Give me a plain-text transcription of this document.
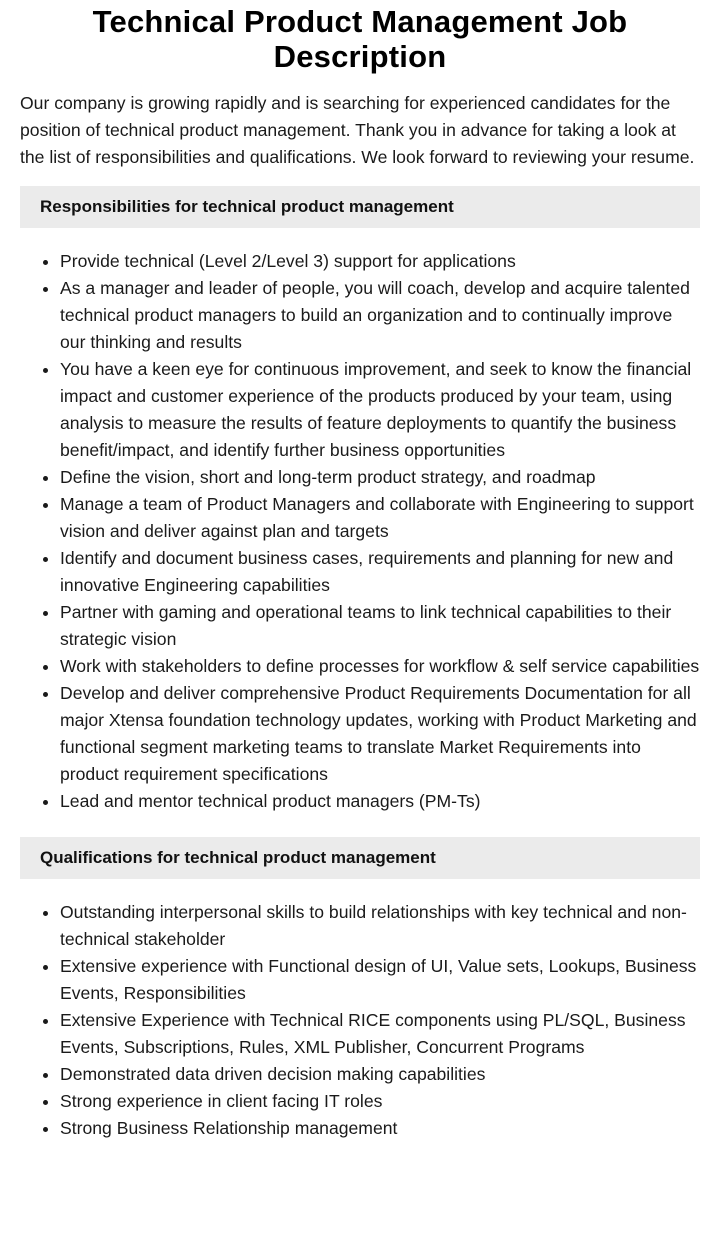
Technical Product Management Job Description

Our company is growing rapidly and is searching for experienced candidates for the position of technical product management. Thank you in advance for taking a look at the list of responsibilities and qualifications. We look forward to reviewing your resume.

Responsibilities for technical product management
• Provide technical (Level 2/Level 3) support for applications
• As a manager and leader of people, you will coach, develop and acquire talented technical product managers to build an organization and to continually improve our thinking and results
• You have a keen eye for continuous improvement, and seek to know the financial impact and customer experience of the products produced by your team, using analysis to measure the results of feature deployments to quantify the business benefit/impact, and identify further business opportunities
• Define the vision, short and long-term product strategy, and roadmap
• Manage a team of Product Managers and collaborate with Engineering to support vision and deliver against plan and targets
• Identify and document business cases, requirements and planning for new and innovative Engineering capabilities
• Partner with gaming and operational teams to link technical capabilities to their strategic vision
• Work with stakeholders to define processes for workflow & self service capabilities
• Develop and deliver comprehensive Product Requirements Documentation for all major Xtensa foundation technology updates, working with Product Marketing and functional segment marketing teams to translate Market Requirements into product requirement specifications
• Lead and mentor technical product managers (PM-Ts)
Qualifications for technical product management
• Outstanding interpersonal skills to build relationships with key technical and non-technical stakeholder
• Extensive experience with Functional design of UI, Value sets, Lookups, Business Events, Responsibilities
• Extensive Experience with Technical RICE components using PL/SQL, Business Events, Subscriptions, Rules, XML Publisher, Concurrent Programs
• Demonstrated data driven decision making capabilities
• Strong experience in client facing IT roles
• Strong Business Relationship management
